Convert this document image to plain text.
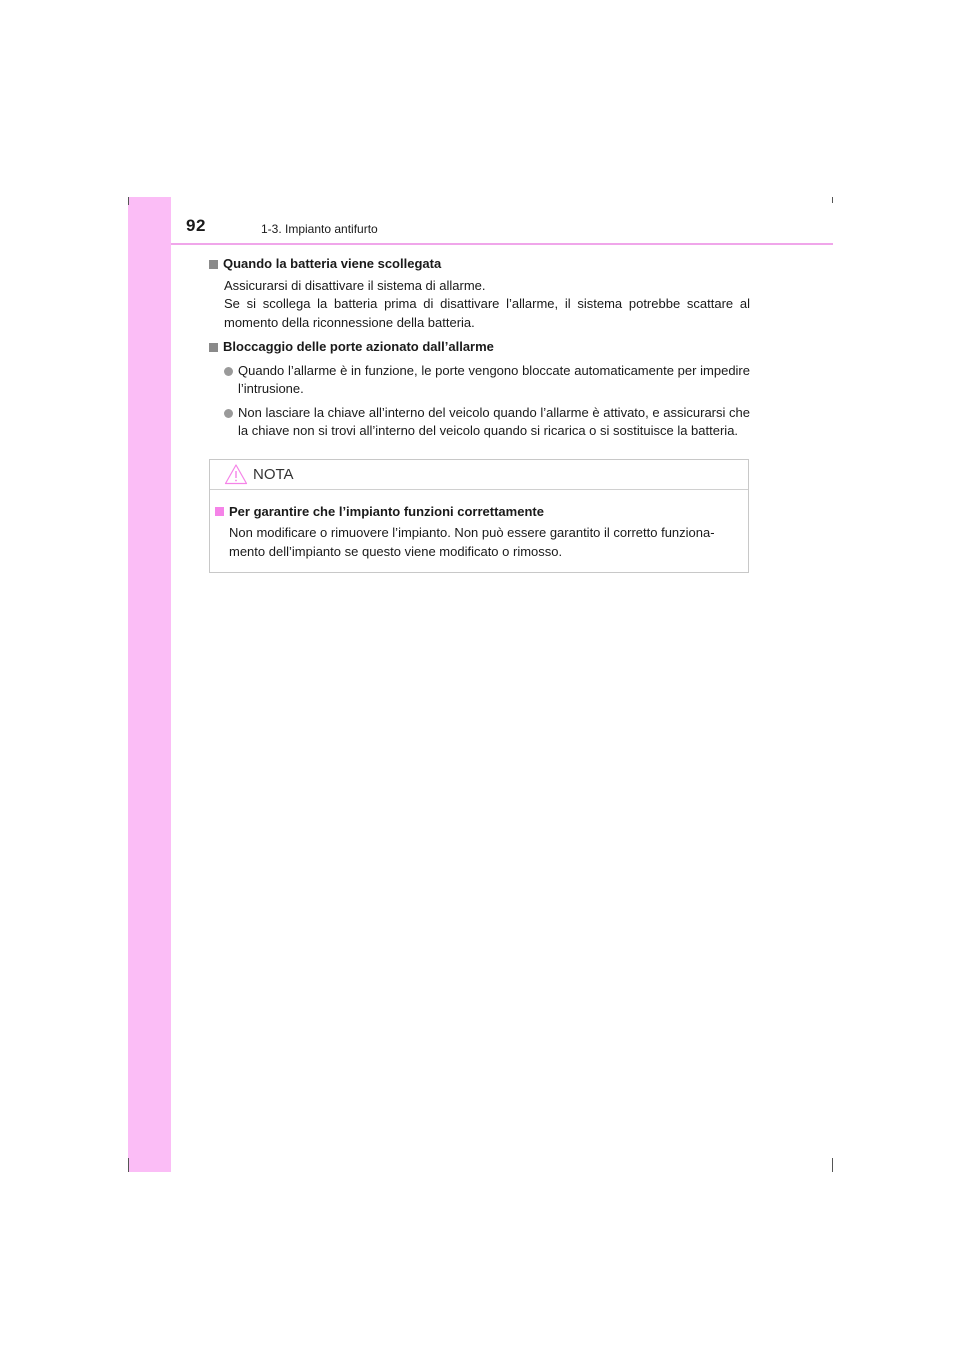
92	1-3. Impianto antifurto
Quando la batteria viene scollegata
Assicurarsi di disattivare il sistema di allarme.
Se si scollega la batteria prima di disattivare l’allarme, il sistema potrebbe scattare al momento della riconnessione della batteria.
Bloccaggio delle porte azionato dall’allarme
Quando l’allarme è in funzione, le porte vengono bloccate automaticamente per impedire l’intrusione.
Non lasciare la chiave all’interno del veicolo quando l’allarme è attivato, e assicurarsi che la chiave non si trovi all’interno del veicolo quando si ricarica o si sostituisce la batteria.
NOTA
Per garantire che l’impianto funzioni correttamente
Non modificare o rimuovere l’impianto. Non può essere garantito il corretto funziona-mento dell’impianto se questo viene modificato o rimosso.
